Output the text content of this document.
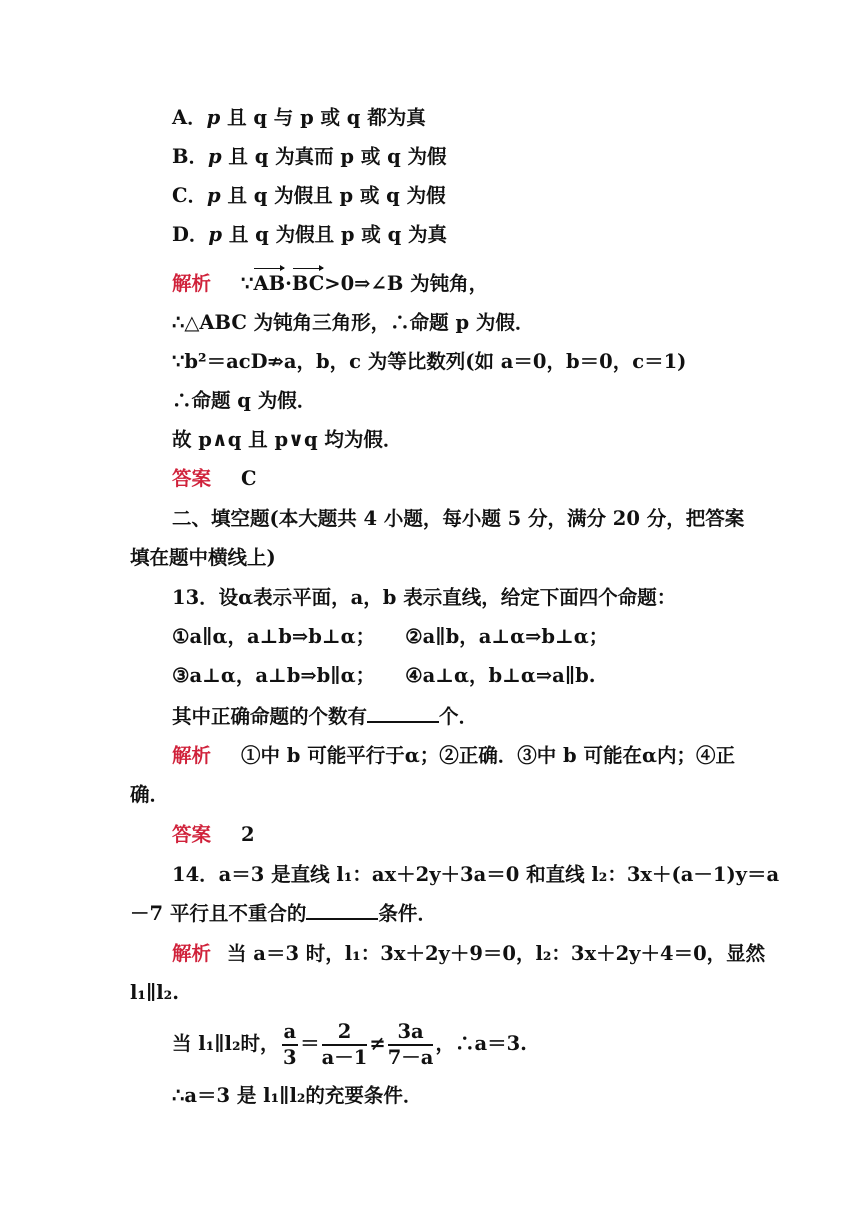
A．p 且 q 与 p 或 q 都为真
B．p 且 q 为真而 p 或 q 为假
C．p 且 q 为假且 p 或 q 为假
D．p 且 q 为假且 p 或 q 为真
解析 ∵AB·BC>0⇒∠B 为钝角，
∴△ABC 为钝角三角形，∴命题 p 为假．
∵b²＝acD⇏a，b，c 为等比数列(如 a＝0，b＝0，c＝1)
∴命题 q 为假．
故 p∧q 且 p∨q 均为假．
答案 C
二、填空题(本大题共 4 小题，每小题 5 分，满分 20 分，把答案
填在题中横线上)
13．设α表示平面，a，b 表示直线，给定下面四个命题：
①a∥α，a⊥b⇒b⊥α； ②a∥b，a⊥α⇒b⊥α；
③a⊥α，a⊥b⇒b∥α； ④a⊥α，b⊥α⇒a∥b.
其中正确命题的个数有	个．
解析 ①中 b 可能平行于α；②正确．③中 b 可能在α内；④正
确．
答案 2
14．a＝3 是直线 l₁：ax＋2y＋3a＝0 和直线 l₂：3x＋(a－1)y＝a
－7 平行且不重合的	条件．
解析 当 a＝3 时，l₁：3x＋2y＋9＝0，l₂：3x＋2y＋4＝0，显然
l₁∥l₂.
当 l₁∥l₂时， $\frac{a}{3} = \frac{2}{a-1} \ne \frac{3a}{7-a}$ ，∴a＝3.
∴a＝3 是 l₁∥l₂的充要条件．
